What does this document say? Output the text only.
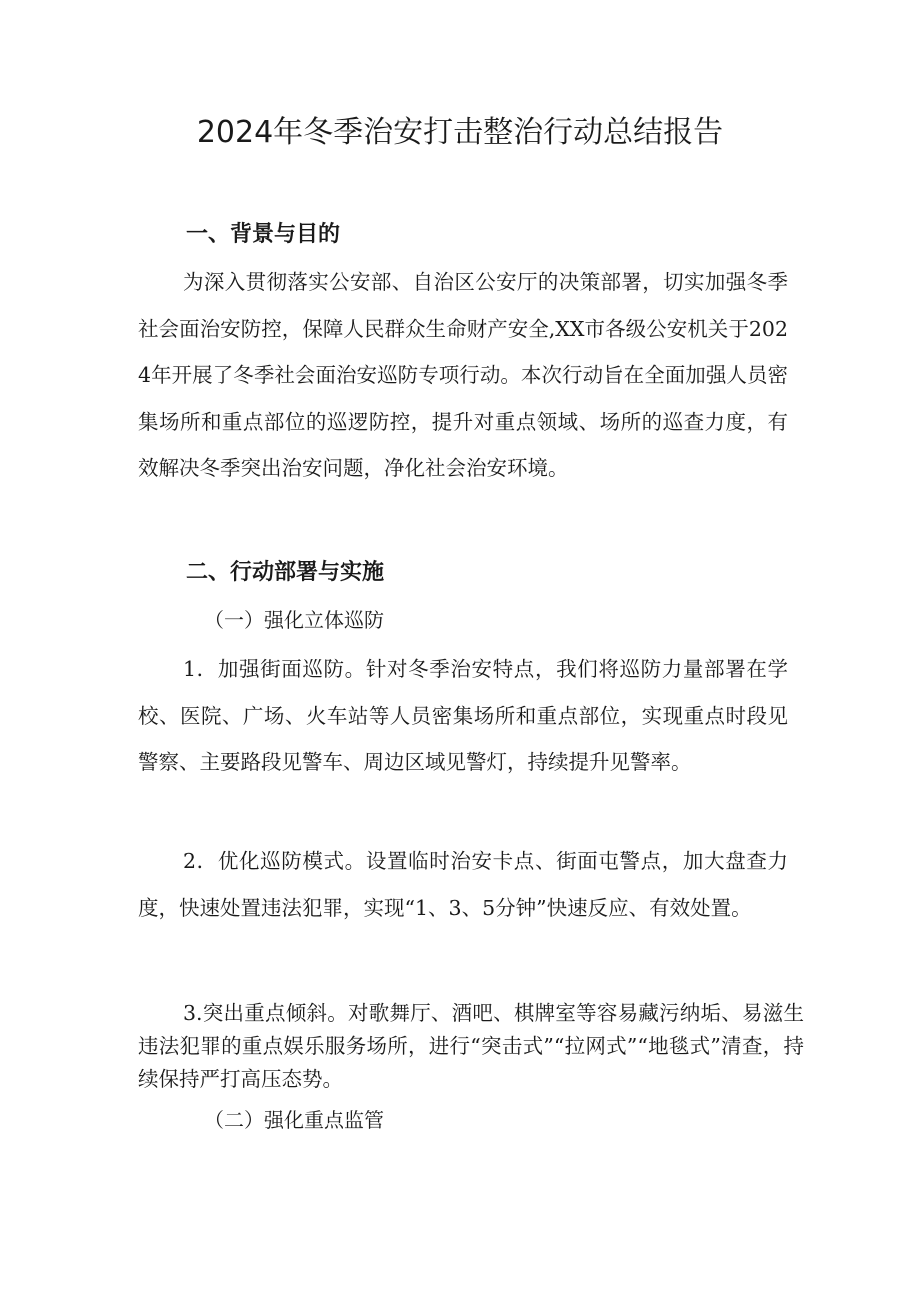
2024年冬季治安打击整治行动总结报告
一、背景与目的

为深入贯彻落实公安部、自治区公安厅的决策部署，切实加强冬季社会面治安防控，保障人民群众生命财产安全,XX市各级公安机关于2024年开展了冬季社会面治安巡防专项行动。本次行动旨在全面加强人员密集场所和重点部位的巡逻防控，提升对重点领域、场所的巡查力度，有效解决冬季突出治安问题，净化社会治安环境。

二、行动部署与实施
（一）强化立体巡防

1．加强街面巡防。针对冬季治安特点，我们将巡防力量部署在学校、医院、广场、火车站等人员密集场所和重点部位，实现重点时段见警察、主要路段见警车、周边区域见警灯，持续提升见警率。

2．优化巡防模式。设置临时治安卡点、街面屯警点，加大盘查力度，快速处置违法犯罪，实现“1、3、5分钟”快速反应、有效处置。

3.突出重点倾斜。对歌舞厅、酒吧、棋牌室等容易藏污纳垢、易滋生违法犯罪的重点娱乐服务场所，进行“突击式”“拉网式”“地毯式”清查，持续保持严打高压态势。

（二）强化重点监管
